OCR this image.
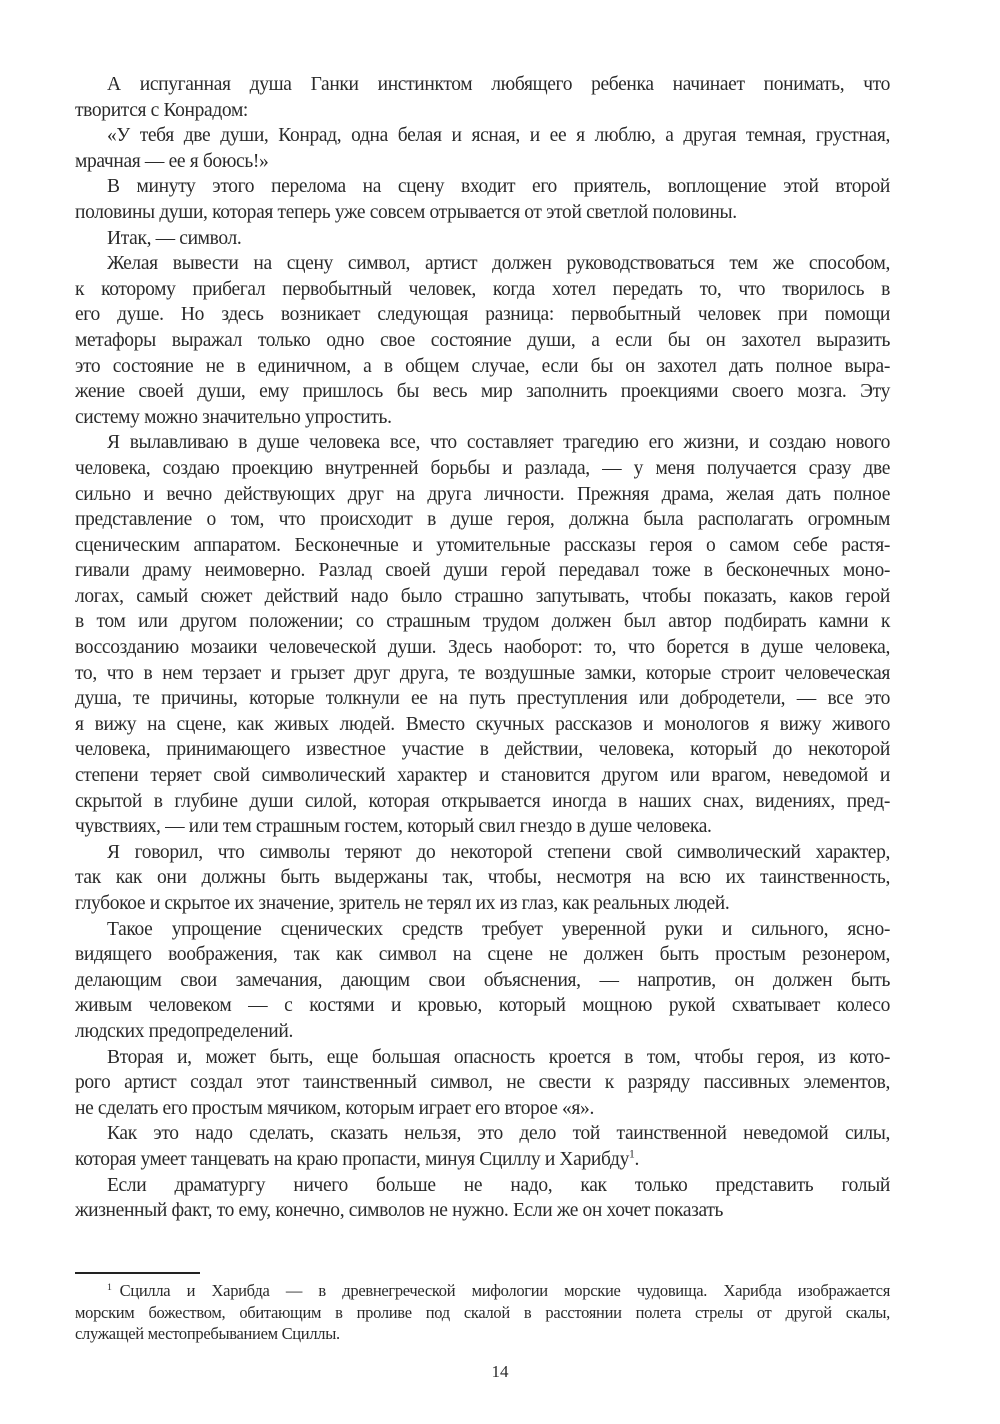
А испуганная душа Ганки инстинктом любящего ребенка начинает понимать, что
творится с Конрадом:
«У тебя две души, Конрад, одна белая и ясная, и ее я люблю, а другая темная, грустная,
мрачная — ее я боюсь!»
В минуту этого перелома на сцену входит его приятель, воплощение этой второй
половины души, которая теперь уже совсем отрывается от этой светлой половины.
Итак, — символ.
Желая вывести на сцену символ, артист должен руководствоваться тем же способом,
к которому прибегал первобытный человек, когда хотел передать то, что творилось в
его душе. Но здесь возникает следующая разница: первобытный человек при помощи
метафоры выражал только одно свое состояние души, а если бы он захотел выразить
это состояние не в единичном, а в общем случае, если бы он захотел дать полное выра-
жение своей души, ему пришлось бы весь мир заполнить проекциями своего мозга. Эту
систему можно значительно упростить.
Я вылавливаю в душе человека все, что составляет трагедию его жизни, и создаю нового
человека, создаю проекцию внутренней борьбы и разлада, — у меня получается сразу две
сильно и вечно действующих друг на друга личности. Прежняя драма, желая дать полное
представление о том, что происходит в душе героя, должна была располагать огромным
сценическим аппаратом. Бесконечные и утомительные рассказы героя о самом себе растя-
гивали драму неимоверно. Разлад своей души герой передавал тоже в бесконечных моно-
логах, самый сюжет действий надо было страшно запутывать, чтобы показать, каков герой
в том или другом положении; со страшным трудом должен был автор подбирать камни к
воссозданию мозаики человеческой души. Здесь наоборот: то, что борется в душе человека,
то, что в нем терзает и грызет друг друга, те воздушные замки, которые строит человеческая
душа, те причины, которые толкнули ее на путь преступления или добродетели, — все это
я вижу на сцене, как живых людей. Вместо скучных рассказов и монологов я вижу живого
человека, принимающего известное участие в действии, человека, который до некоторой
степени теряет свой символический характер и становится другом или врагом, неведомой и
скрытой в глубине души силой, которая открывается иногда в наших снах, видениях, пред-
чувствиях, — или тем страшным гостем, который свил гнездо в душе человека.
Я говорил, что символы теряют до некоторой степени свой символический характер,
так как они должны быть выдержаны так, чтобы, несмотря на всю их таинственность,
глубокое и скрытое их значение, зритель не терял их из глаз, как реальных людей.
Такое упрощение сценических средств требует уверенной руки и сильного, ясно-
видящего воображения, так как символ на сцене не должен быть простым резонером,
делающим свои замечания, дающим свои объяснения, — напротив, он должен быть
живым человеком — с костями и кровью, который мощною рукой схватывает колесо
людских предопределений.
Вторая и, может быть, еще большая опасность кроется в том, чтобы героя, из кото-
рого артист создал этот таинственный символ, не свести к разряду пассивных элементов,
не сделать его простым мячиком, которым играет его второе «я».
Как это надо сделать, сказать нельзя, это дело той таинственной неведомой силы,
которая умеет танцевать на краю пропасти, минуя Сциллу и Харибду$^1$.
Если драматургу ничего больше не надо, как только представить голый
жизненный факт, то ему, конечно, символов не нужно. Если же он хочет показать
$^1$ Сцилла и Харибда — в древнегреческой мифологии морские чудовища. Харибда изображается
морским божеством, обитающим в проливе под скалой в расстоянии полета стрелы от другой скалы,
служащей местопребыванием Сциллы.
14
